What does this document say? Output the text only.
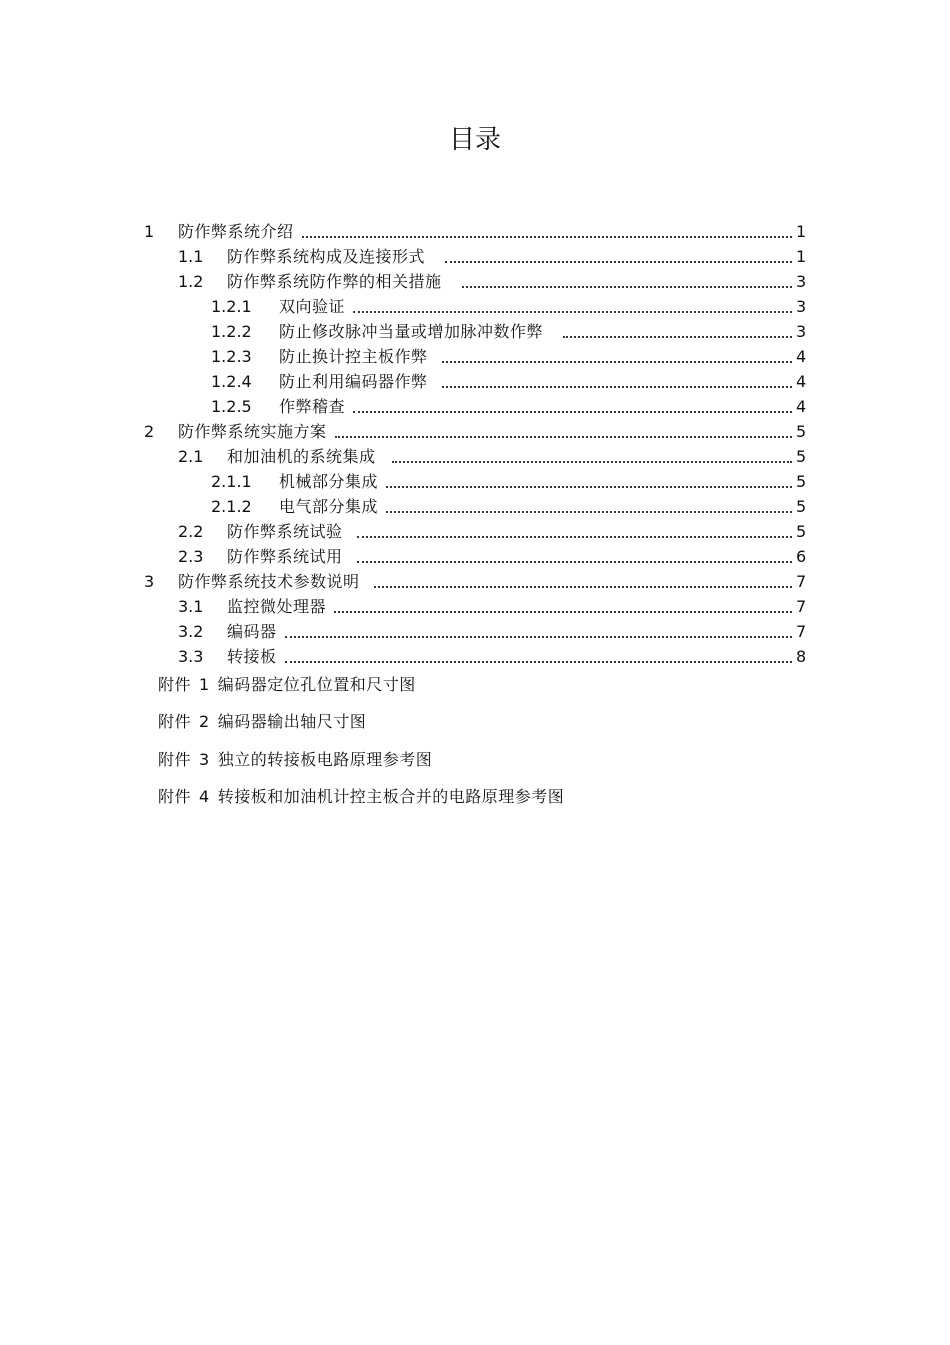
目录
1	防作弊系统介绍	1
1.1	防作弊系统构成及连接形式	1
1.2	防作弊系统防作弊的相关措施	3
1.2.1	双向验证	3
1.2.2	防止修改脉冲当量或增加脉冲数作弊	3
1.2.3	防止换计控主板作弊	4
1.2.4	防止利用编码器作弊	4
1.2.5	作弊稽查	4
2	防作弊系统实施方案	5
2.1	和加油机的系统集成	5
2.1.1	机械部分集成	5
2.1.2	电气部分集成	5
2.2	防作弊系统试验	5
2.3	防作弊系统试用	6
3	防作弊系统技术参数说明	7
3.1	监控微处理器	7
3.2	编码器	7
3.3	转接板	8
附件 1 编码器定位孔位置和尺寸图
附件 2 编码器输出轴尺寸图
附件 3 独立的转接板电路原理参考图
附件 4 转接板和加油机计控主板合并的电路原理参考图
